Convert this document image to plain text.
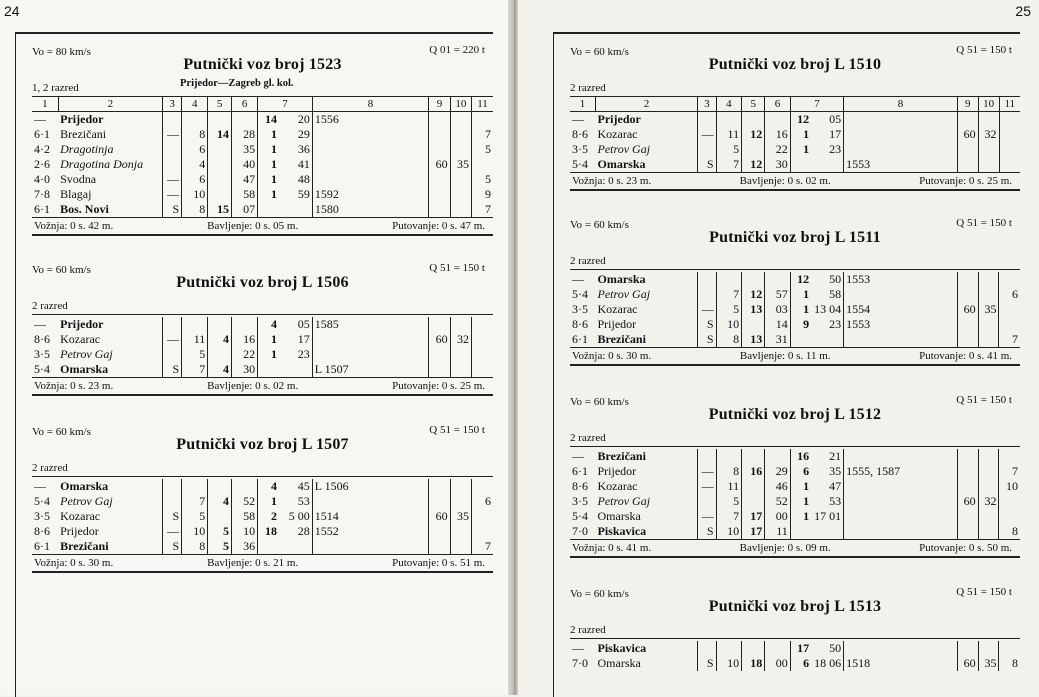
24
Vo = 80 km/s	Q 01 = 220 t
Putnički voz broj 1523
1, 2 razred	Prijedor—Zagreb gl. kol.
1	2	3	4	5	6	7		8	9	10	11
—	Prijedor					14	20	1556			
6·1	Brezičani	—	8	14	28	1	29				7
4·2	Dragotinja		6		35	1	36				5
2·6	Dragotina Donja		4		40	1	41		60	35	
4·0	Svodna	—	6		47	1	48				5
7·8	Blagaj	—	10		58	1	59	1592			9
6·1	Bos. Novi	S	8	15	07			1580			7
Vožnja: 0 s. 42 m.	Bavljenje: 0 s. 05 m.	Putovanje: 0 s. 47 m.
Vo = 60 km/s	Q 51 = 150 t
Putnički voz broj L 1506
2 razred

—	Prijedor					4	05	1585			
8·6	Kozarac	—	11	4	16	1	17		60	32	
3·5	Petrov Gaj		5		22	1	23				
5·4	Omarska	S	7	4	30			L 1507			
Vožnja: 0 s. 23 m.	Bavljenje: 0 s. 02 m.	Putovanje: 0 s. 25 m.
Vo = 60 km/s	Q 51 = 150 t
Putnički voz broj L 1507
2 razred

—	Omarska					4	45	L 1506			
5·4	Petrov Gaj		7	4	52	1	53				6
3·5	Kozarac	S	5		58	2	5 00	1514	60	35	
8·6	Prijedor	—	10	5	10	18	28	1552			
6·1	Brezičani	S	8	5	36						7
Vožnja: 0 s. 30 m.	Bavljenje: 0 s. 21 m.	Putovanje: 0 s. 51 m.
25
Vo = 60 km/s	Q 51 = 150 t
Putnički voz broj L 1510
2 razred
1	2	3	4	5	6	7		8	9	10	11
—	Prijedor					12	05				
8·6	Kozarac	—	11	12	16	1	17		60	32	
3·5	Petrov Gaj		5		22	1	23				
5·4	Omarska	S	7	12	30			1553			
Vožnja: 0 s. 23 m.	Bavljenje: 0 s. 02 m.	Putovanje: 0 s. 25 m.
Vo = 60 km/s	Q 51 = 150 t
Putnički voz broj L 1511
2 razred

—	Omarska					12	50	1553			
5·4	Petrov Gaj		7	12	57	1	58				6
3·5	Kozarac	—	5	13	03	1	13 04	1554	60	35	
8·6	Prijedor	S	10		14	9	23	1553			
6·1	Brezičani	S	8	13	31						7
Vožnja: 0 s. 30 m.	Bavljenje: 0 s. 11 m.	Putovanje: 0 s. 41 m.
Vo = 60 km/s	Q 51 = 150 t
Putnički voz broj L 1512
2 razred

—	Brezičani					16	21				
6·1	Prijedor	—	8	16	29	6	35	1555, 1587			7
8·6	Kozarac	—	11		46	1	47				10
3·5	Petrov Gaj		5		52	1	53		60	32	
5·4	Omarska	—	7	17	00	1	17 01				
7·0	Piskavica	S	10	17	11						8
Vožnja: 0 s. 41 m.	Bavljenje: 0 s. 09 m.	Putovanje: 0 s. 50 m.
Vo = 60 km/s	Q 51 = 150 t
Putnički voz broj L 1513
2 razred

—	Piskavica					17	50				
7·0	Omarska	S	10	18	00	6	18 06	1518	60	35	8
